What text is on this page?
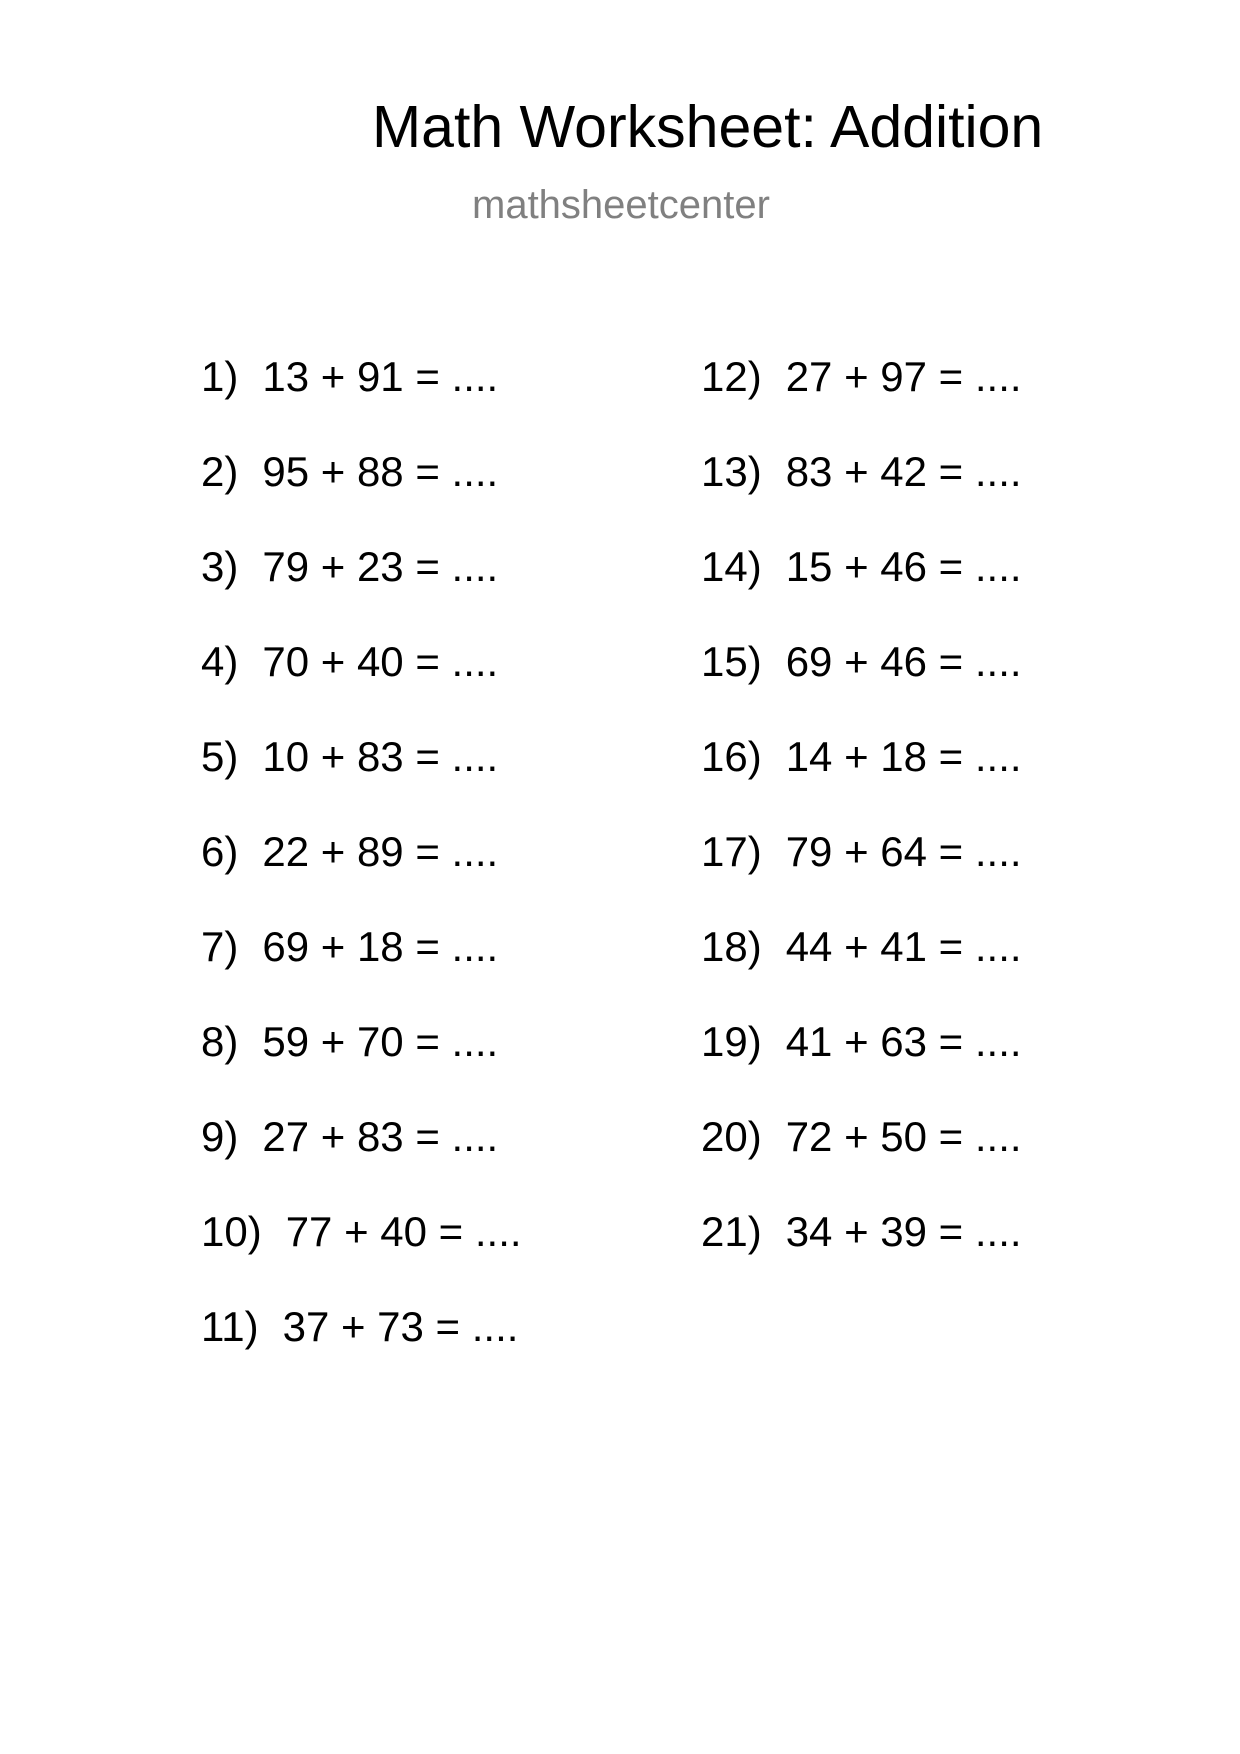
Math Worksheet: Addition
mathsheetcenter
1) 13 + 91 = ....
2) 95 + 88 = ....
3) 79 + 23 = ....
4) 70 + 40 = ....
5) 10 + 83 = ....
6) 22 + 89 = ....
7) 69 + 18 = ....
8) 59 + 70 = ....
9) 27 + 83 = ....
10) 77 + 40 = ....
11) 37 + 73 = ....
12) 27 + 97 = ....
13) 83 + 42 = ....
14) 15 + 46 = ....
15) 69 + 46 = ....
16) 14 + 18 = ....
17) 79 + 64 = ....
18) 44 + 41 = ....
19) 41 + 63 = ....
20) 72 + 50 = ....
21) 34 + 39 = ....
